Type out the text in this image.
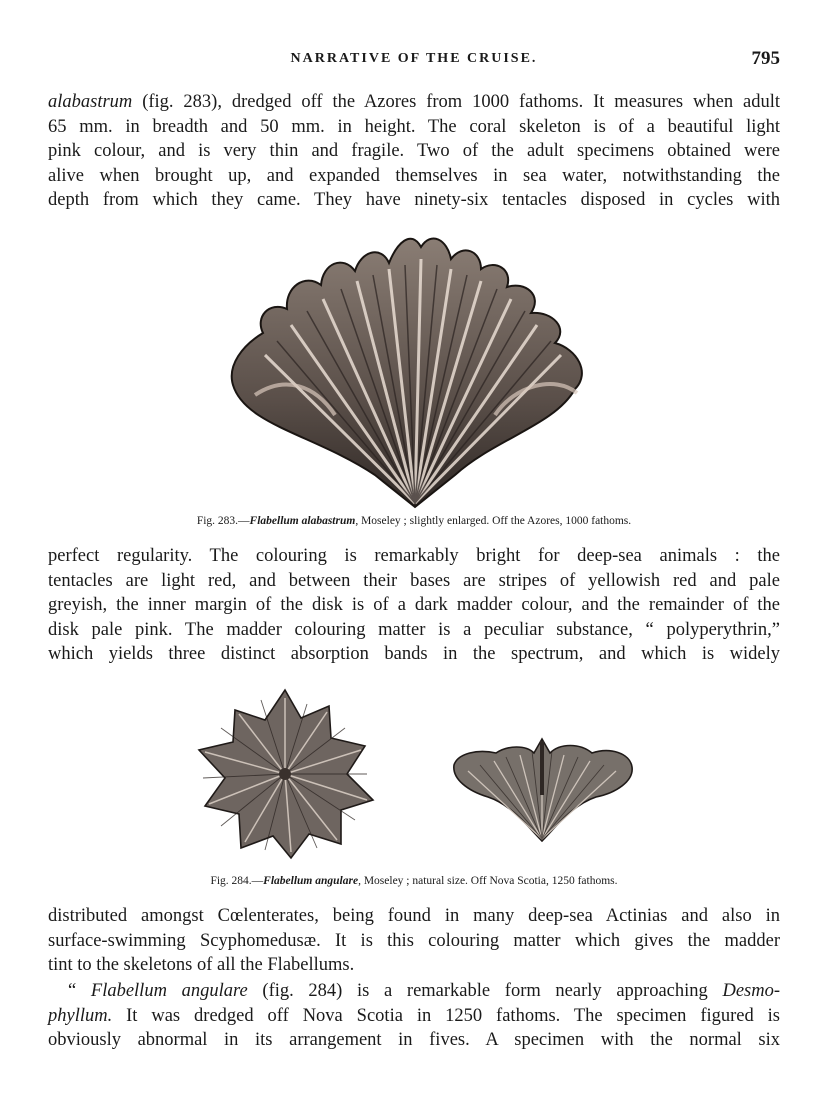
NARRATIVE OF THE CRUISE.	795
alabastrum (fig. 283), dredged off the Azores from 1000 fathoms. It measures when adult
65 mm. in breadth and 50 mm. in height. The coral skeleton is of a beautiful light
pink colour, and is very thin and fragile. Two of the adult specimens obtained were
alive when brought up, and expanded themselves in sea water, notwithstanding the
depth from which they came. They have ninety-six tentacles disposed in cycles with
Fig. 283.—Flabellum alabastrum, Moseley ; slightly enlarged. Off the Azores, 1000 fathoms.
perfect regularity. The colouring is remarkably bright for deep-sea animals : the
tentacles are light red, and between their bases are stripes of yellowish red and pale
greyish, the inner margin of the disk is of a dark madder colour, and the remainder of the
disk pale pink. The madder colouring matter is a peculiar substance, “ polyperythrin,”
which yields three distinct absorption bands in the spectrum, and which is widely
Fig. 284.—Flabellum angulare, Moseley ; natural size. Off Nova Scotia, 1250 fathoms.
distributed amongst Cœlenterates, being found in many deep-sea Actinias and also in
surface-swimming Scyphomedusæ. It is this colouring matter which gives the madder
tint to the skeletons of all the Flabellums.
“ Flabellum angulare (fig. 284) is a remarkable form nearly approaching Desmo-
phyllum. It was dredged off Nova Scotia in 1250 fathoms. The specimen figured is
obviously abnormal in its arrangement in fives. A specimen with the normal six
